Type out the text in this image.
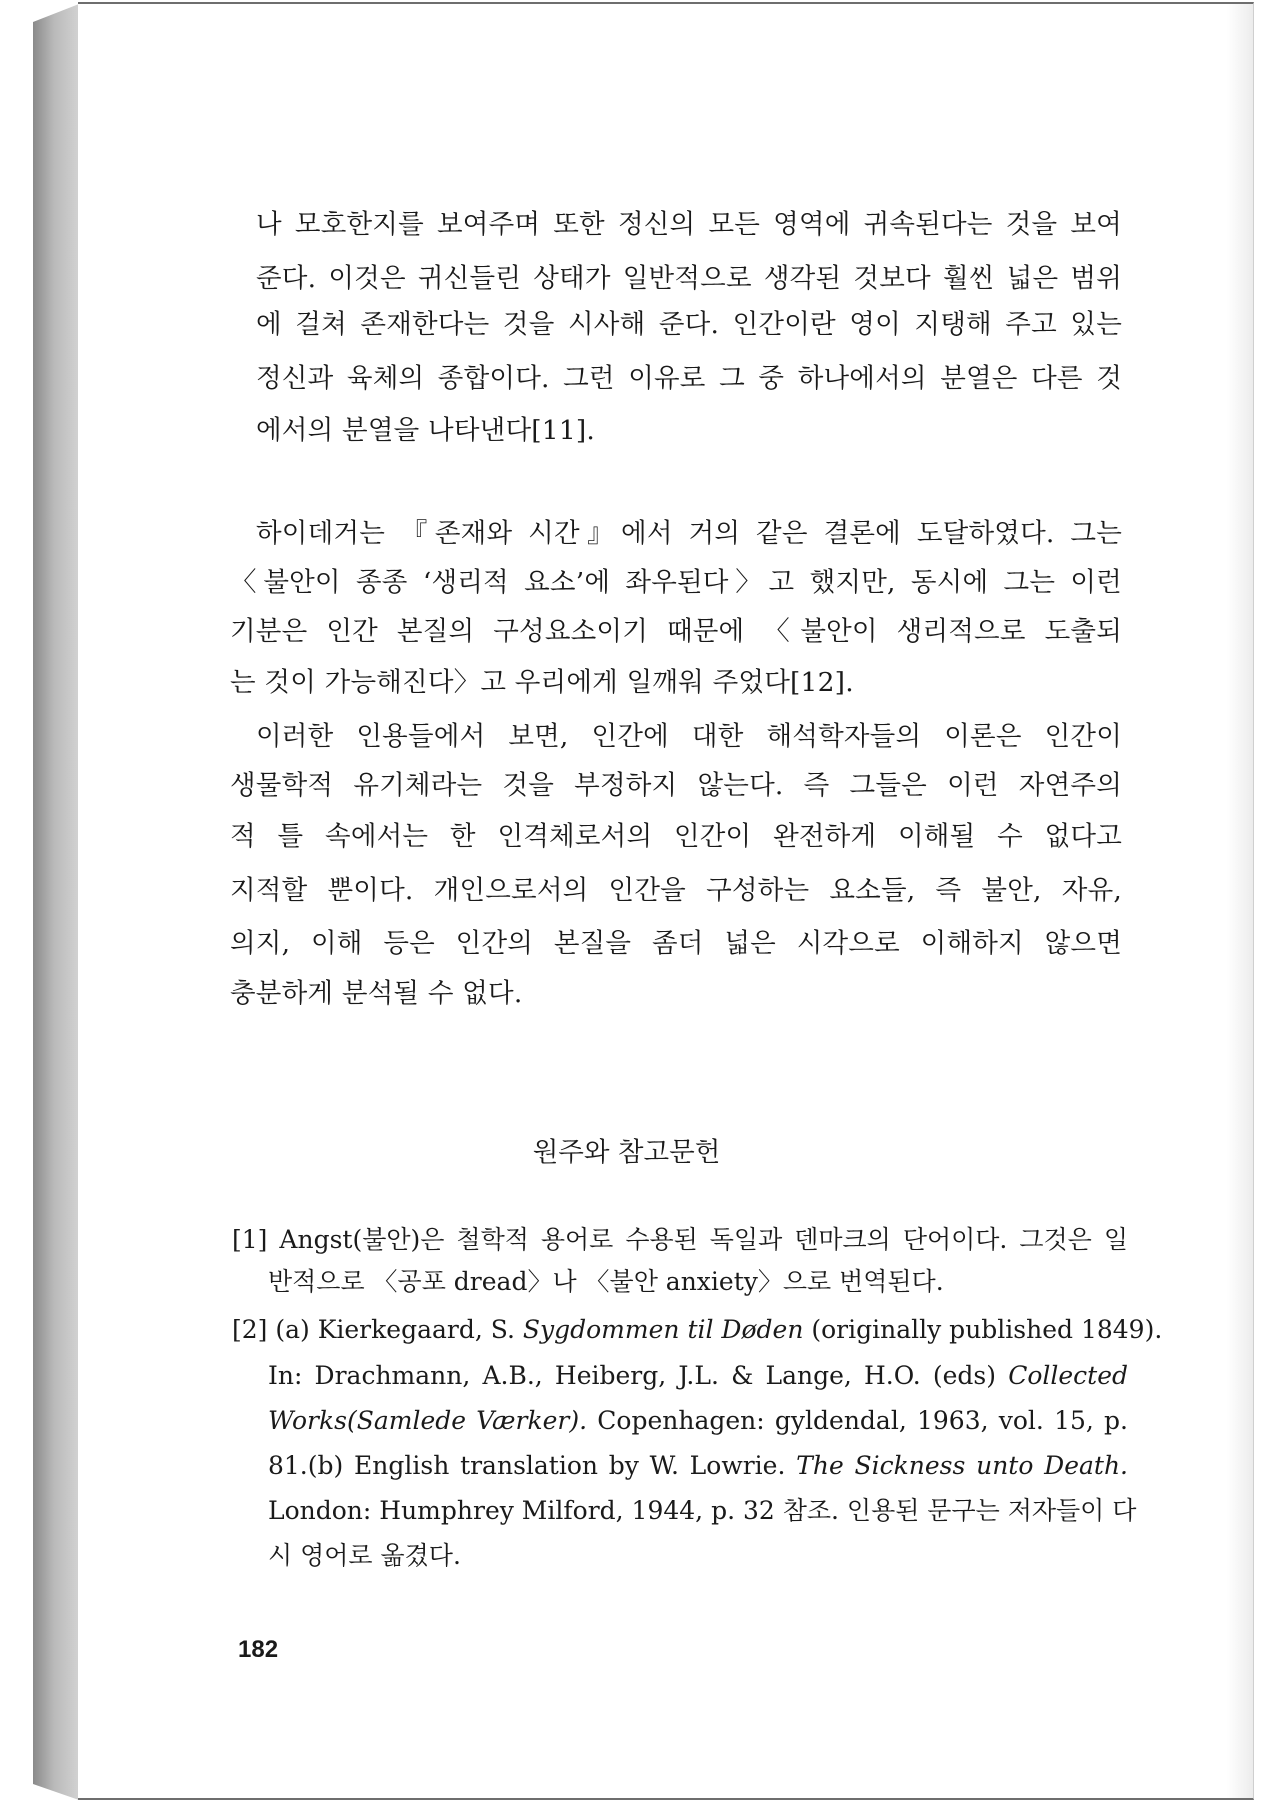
나 모호한지를 보여주며 또한 정신의 모든 영역에 귀속된다는 것을 보여
준다. 이것은 귀신들린 상태가 일반적으로 생각된 것보다 훨씬 넓은 범위
에 걸쳐 존재한다는 것을 시사해 준다. 인간이란 영이 지탱해 주고 있는
정신과 육체의 종합이다. 그런 이유로 그 중 하나에서의 분열은 다른 것
에서의 분열을 나타낸다[11].
하이데거는 『존재와 시간』에서 거의 같은 결론에 도달하였다. 그는
〈불안이 종종 ‘생리적 요소’에 좌우된다〉고 했지만, 동시에 그는 이런
기분은 인간 본질의 구성요소이기 때문에 〈불안이 생리적으로 도출되
는 것이 가능해진다〉고 우리에게 일깨워 주었다[12].
이러한 인용들에서 보면, 인간에 대한 해석학자들의 이론은 인간이
생물학적 유기체라는 것을 부정하지 않는다. 즉 그들은 이런 자연주의
적 틀 속에서는 한 인격체로서의 인간이 완전하게 이해될 수 없다고
지적할 뿐이다. 개인으로서의 인간을 구성하는 요소들, 즉 불안, 자유,
의지, 이해 등은 인간의 본질을 좀더 넓은 시각으로 이해하지 않으면
충분하게 분석될 수 없다.
원주와 참고문헌
[1] Angst(불안)은 철학적 용어로 수용된 독일과 덴마크의 단어이다. 그것은 일
반적으로 〈공포 dread〉나 〈불안 anxiety〉으로 번역된다.
[2] (a) Kierkegaard, S. Sygdommen til Døden (originally published 1849).
In: Drachmann, A.B., Heiberg, J.L. & Lange, H.O. (eds) Collected
Works(Samlede Værker). Copenhagen: gyldendal, 1963, vol. 15, p.
81.(b) English translation by W. Lowrie. The Sickness unto Death.
London: Humphrey Milford, 1944, p. 32 참조. 인용된 문구는 저자들이 다
시 영어로 옮겼다.
182
